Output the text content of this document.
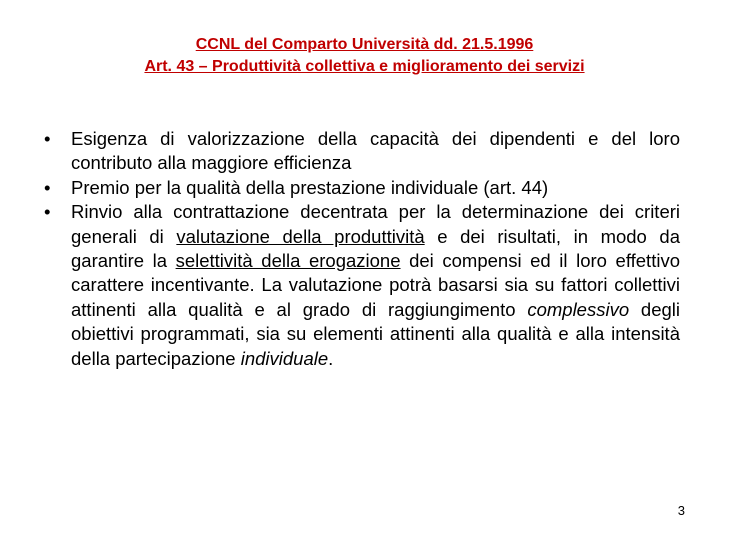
CCNL del Comparto Università dd. 21.5.1996
Art. 43 – Produttività collettiva e miglioramento dei servizi
• Esigenza di valorizzazione della capacità dei dipendenti e del loro contributo alla maggiore efficienza
• Premio per la qualità della prestazione individuale (art. 44)
• Rinvio alla contrattazione decentrata per la determinazione dei criteri generali di valutazione della produttività e dei risultati, in modo da garantire la selettività della erogazione dei compensi ed il loro effettivo carattere incentivante. La valutazione potrà basarsi sia su fattori collettivi attinenti alla qualità e al grado di raggiungimento complessivo degli obiettivi programmati, sia su elementi attinenti alla qualità e alla intensità della partecipazione individuale.
3
